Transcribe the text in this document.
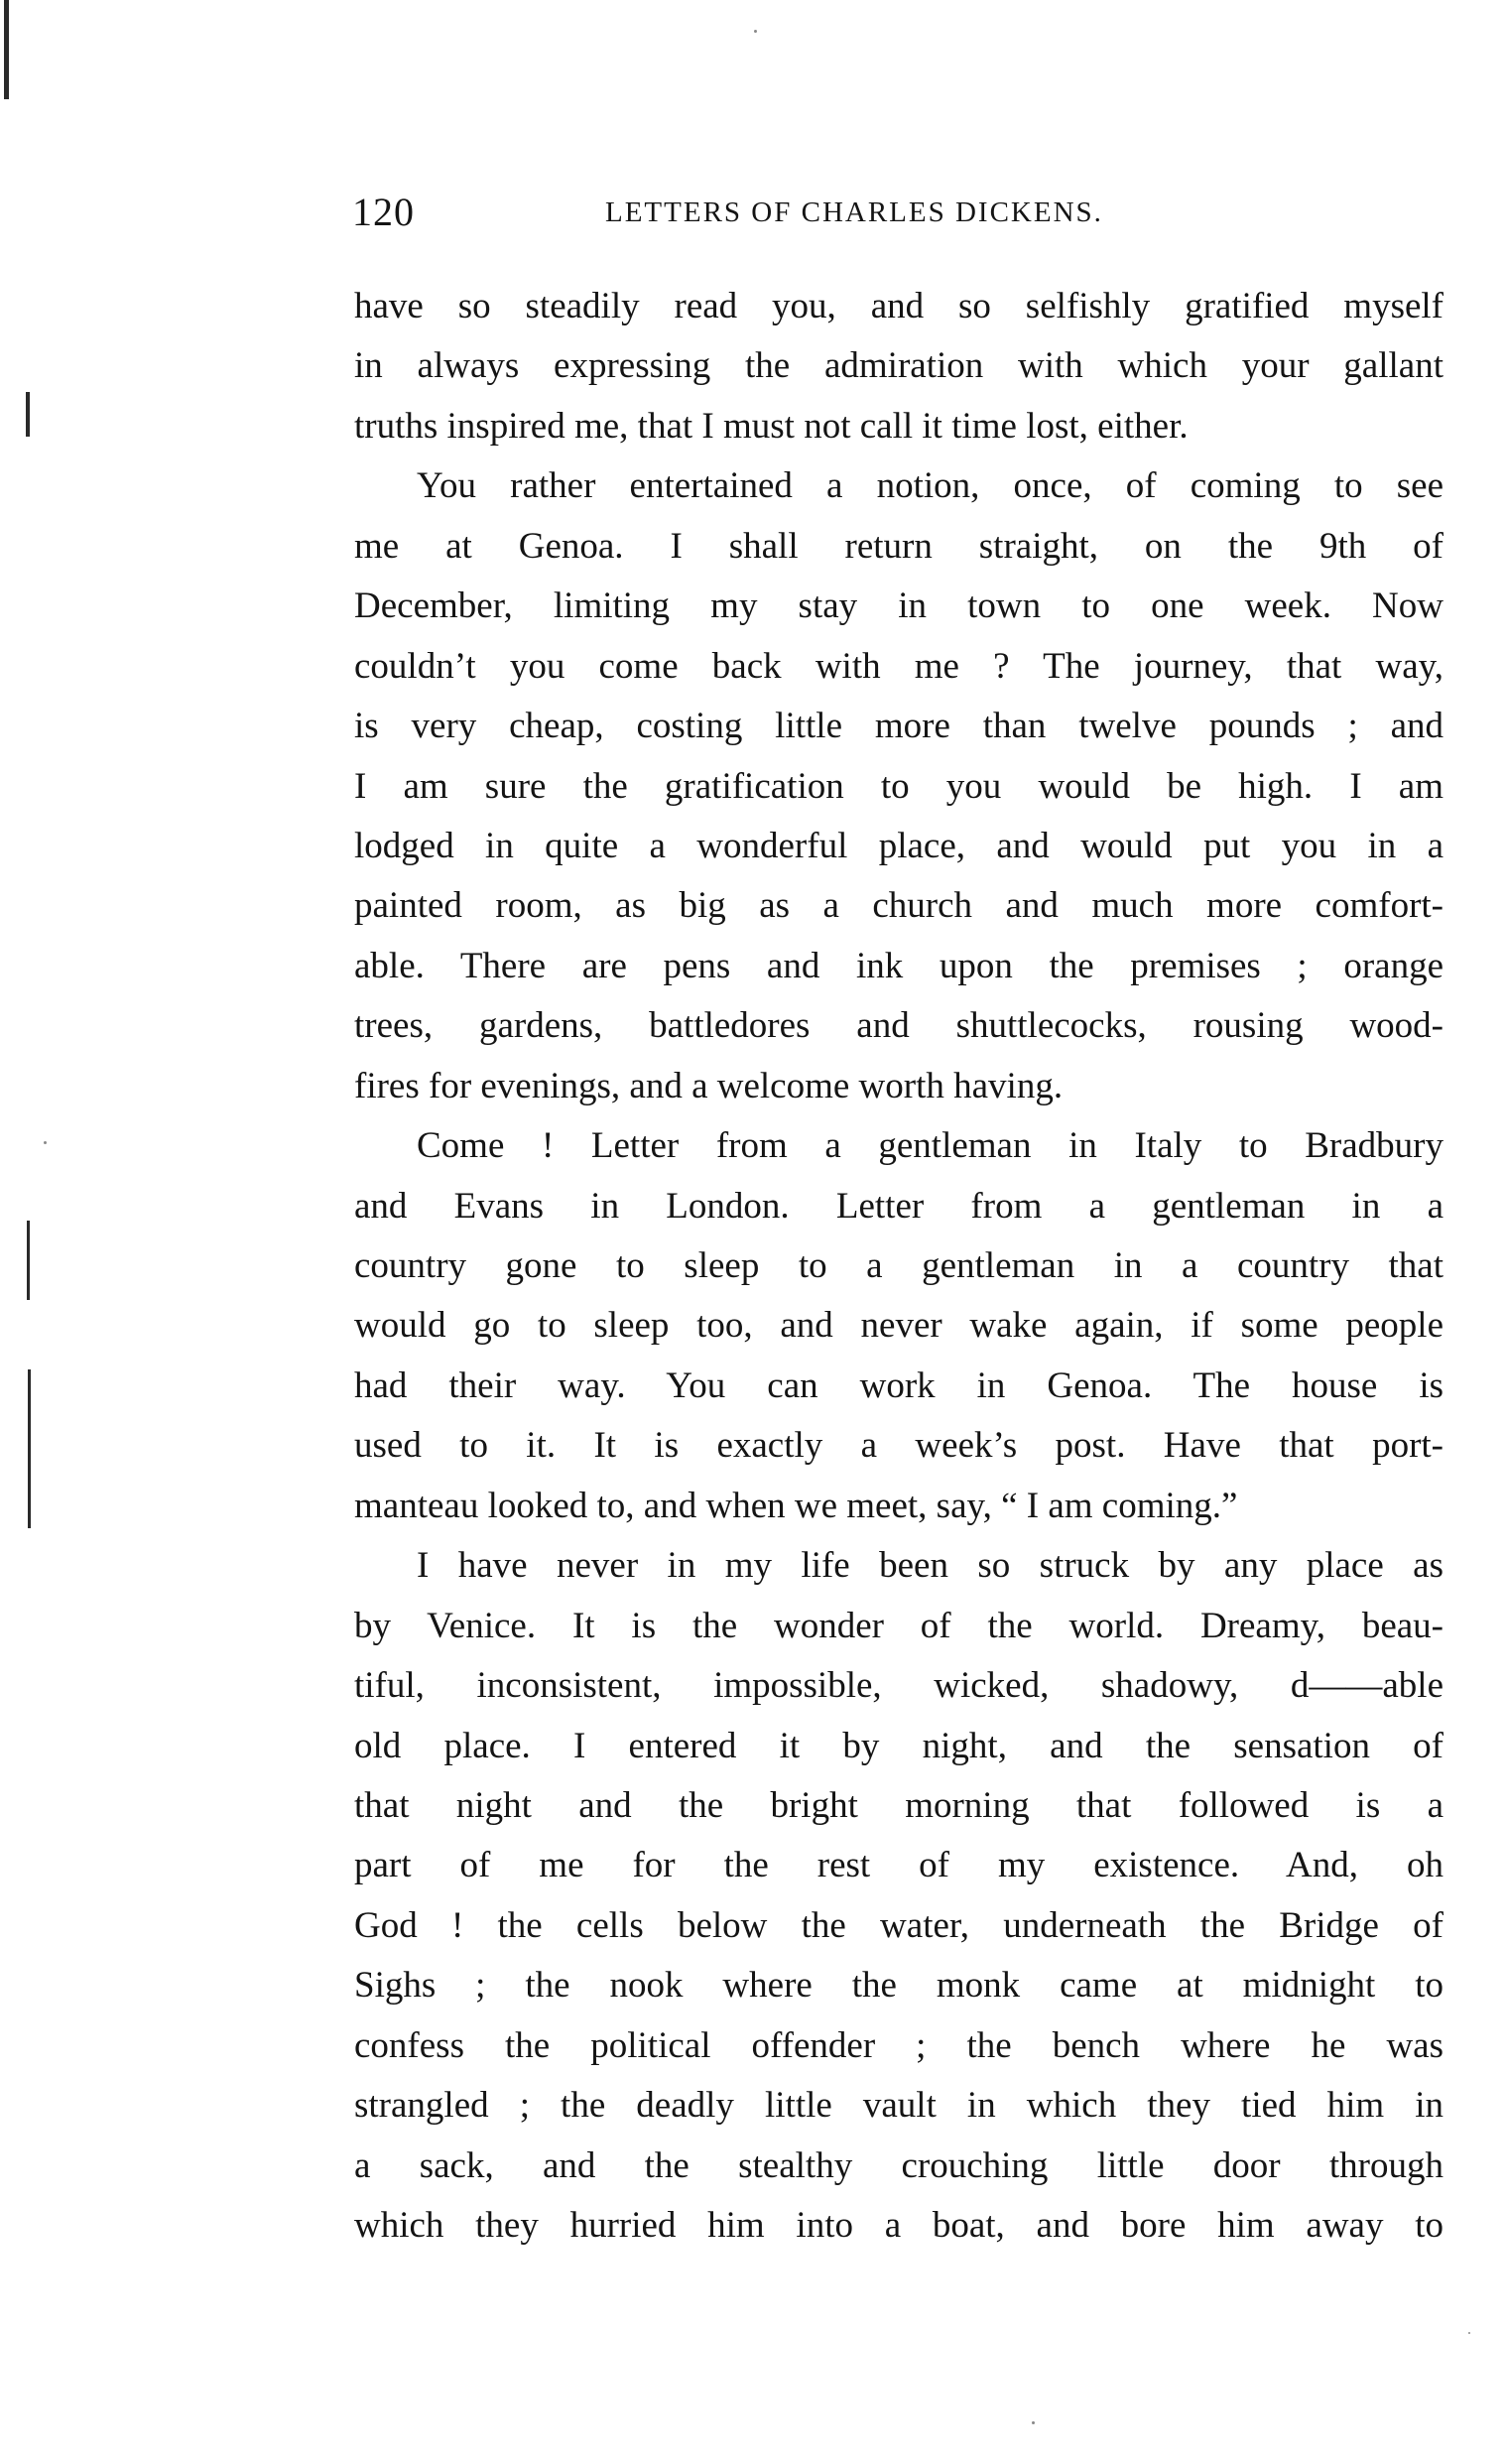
120	LETTERS OF CHARLES DICKENS.
have so steadily read you, and so selfishly gratified myself
in always expressing the admiration with which your gallant
truths inspired me, that I must not call it time lost, either.
You rather entertained a notion, once, of coming to see
me at Genoa. I shall return straight, on the 9th of
December, limiting my stay in town to one week. Now
couldn’t you come back with me ? The journey, that way,
is very cheap, costing little more than twelve pounds ; and
I am sure the gratification to you would be high. I am
lodged in quite a wonderful place, and would put you in a
painted room, as big as a church and much more comfort-
able. There are pens and ink upon the premises ; orange
trees, gardens, battledores and shuttlecocks, rousing wood-
fires for evenings, and a welcome worth having.
Come ! Letter from a gentleman in Italy to Bradbury
and Evans in London. Letter from a gentleman in a
country gone to sleep to a gentleman in a country that
would go to sleep too, and never wake again, if some people
had their way. You can work in Genoa. The house is
used to it. It is exactly a week’s post. Have that port-
manteau looked to, and when we meet, say, “ I am coming.”
I have never in my life been so struck by any place as
by Venice. It is the wonder of the world. Dreamy, beau-
tiful, inconsistent, impossible, wicked, shadowy, d——able
old place. I entered it by night, and the sensation of
that night and the bright morning that followed is a
part of me for the rest of my existence. And, oh
God ! the cells below the water, underneath the Bridge of
Sighs ; the nook where the monk came at midnight to
confess the political offender ; the bench where he was
strangled ; the deadly little vault in which they tied him in
a sack, and the stealthy crouching little door through
which they hurried him into a boat, and bore him away to
